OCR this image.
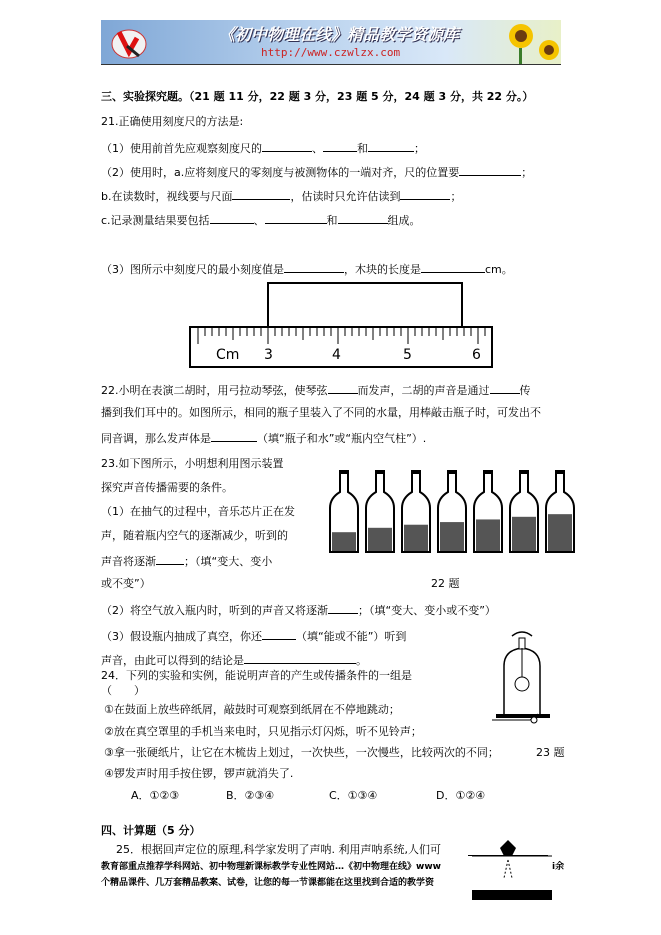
《初中物理在线》精品教学资源库
http://www.czwlzx.com
三、实验探究题。（21 题 11 分，22 题 3 分，23 题 5 分，24 题 3 分，共 22 分。）
21.正确使用刻度尺的方法是:
（1）使用前首先应观察刻度尺的	、	和	；
（2）使用时，a.应将刻度尺的零刻度与被测物体的一端对齐，尺的位置要	；
b.在读数时，视线要与尺面	，估读时只允许估读到	；
c.记录测量结果要包括	、	和	组成。
（3）图所示中刻度尺的最小刻度值是	，木块的长度是	cm。
Cm 3	4	5	6
22.小明在表演二胡时，用弓拉动琴弦，使琴弦	而发声，二胡的声音是通过	传
播到我们耳中的。如图所示，相同的瓶子里装入了不同的水量，用棒敲击瓶子时，可发出不
同音调，那么发声体是	（填“瓶子和水”或“瓶内空气柱”）.
23.如下图所示，小明想利用图示装置
探究声音传播需要的条件。
（1）在抽气的过程中，音乐芯片正在发
声，随着瓶内空气的逐渐减少，听到的
声音将逐渐	；（填“变大、变小
或不变”）	22 题
（2）将空气放入瓶内时，听到的声音又将逐渐	；（填“变大、变小或不变”）
（3）假设瓶内抽成了真空，你还	（填“能或不能”）听到
声音，由此可以得到的结论是	。
24．下列的实验和实例，能说明声音的产生或传播条件的一组是
（　　）
①在鼓面上放些碎纸屑，敲鼓时可观察到纸屑在不停地跳动；
②放在真空罩里的手机当来电时，只见指示灯闪烁，听不见铃声；
③拿一张硬纸片，让它在木梳齿上划过，一次快些，一次慢些，比较两次的不同；	23 题
④锣发声时用手按住锣，锣声就消失了.
A．①②③	B．②③④	C．①③④	D．①②④
四、计算题（5 分）
25．根据回声定位的原理,科学家发明了声呐. 利用声呐系统,人们可
教育部重点推荐学科网站、初中物理新课标教学专业性网站…《初中物理在线》www	i余
个精品课件、几万套精品教案、试卷，让您的每一节课都能在这里找到合适的教学资
